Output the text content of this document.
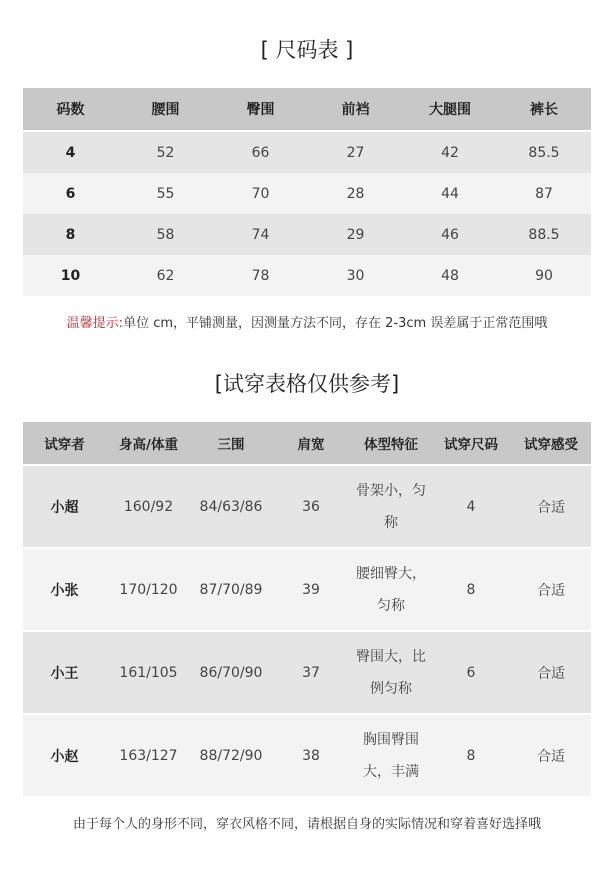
[ 尺码表 ]
码数	腰围	臀围	前裆	大腿围	裤长
4	52	66	27	42	85.5
6	55	70	28	44	87
8	58	74	29	46	88.5
10	62	78	30	48	90
温馨提示:单位 cm，平铺测量，因测量方法不同，存在 2-3cm 误差属于正常范围哦
[试穿表格仅供参考]
试穿者	身高/体重	三围	肩宽	体型特征	试穿尺码	试穿感受
小超	160/92	84/63/86	36	骨架小，匀称	4	合适
小张	170/120	87/70/89	39	腰细臀大，匀称	8	合适
小王	161/105	86/70/90	37	臀围大，比例匀称	6	合适
小赵	163/127	88/72/90	38	胸围臀围大，丰满	8	合适
由于每个人的身形不同，穿衣风格不同，请根据自身的实际情况和穿着喜好选择哦
